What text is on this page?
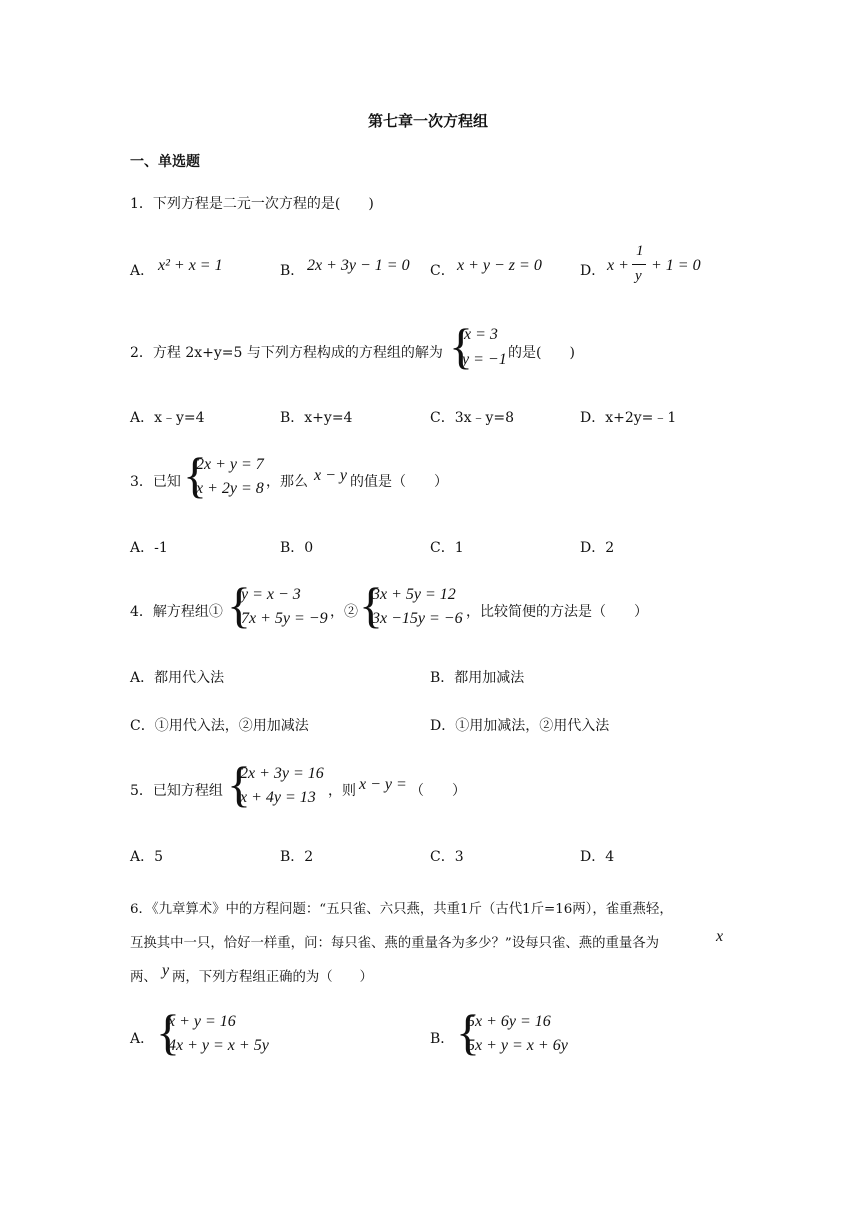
第七章一次方程组
一、单选题
1．下列方程是二元一次方程的是(　　)
A． x² + x = 1	B． 2x + 3y − 1 = 0 C． x + y − z = 0	D． x +
1
y
+ 1 = 0
2．方程 2x+y=5 与下列方程构成的方程组的解为 {
x = 3
y = −1 的是(　　)
A．x﹣y=4	B．x+y=4	C．3x﹣y=8	D．x+2y=﹣1
3．已知 {
2x + y = 7
x + 2y = 8 ，那么 x − y 的值是（　　）
A．-1	B．0	C．1	D．2
4．解方程组① {
y = x − 3
7x + 5y = −9 ，② {
3x + 5y = 12
3x −15y = −6 ，比较简便的方法是（　　）
A．都用代入法	B．都用加减法
C．①用代入法，②用加减法	D．①用加减法，②用代入法
5．已知方程组 {
2x + 3y = 16
x + 4y = 13 ，则 x − y = （　　）
A．5	B．2	C．3	D．4
6．《九章算术》中的方程问题：“五只雀、六只燕，共重1斤（古代1斤=16两），雀重燕轻，
互换其中一只，恰好一样重，问：每只雀、燕的重量各为多少？”设每只雀、燕的重量各为	x
两、 y 两，下列方程组正确的为（　　）
A． {
x + y = 16
4x + y = x + 5y	B． {
5x + 6y = 16
5x + y = x + 6y
